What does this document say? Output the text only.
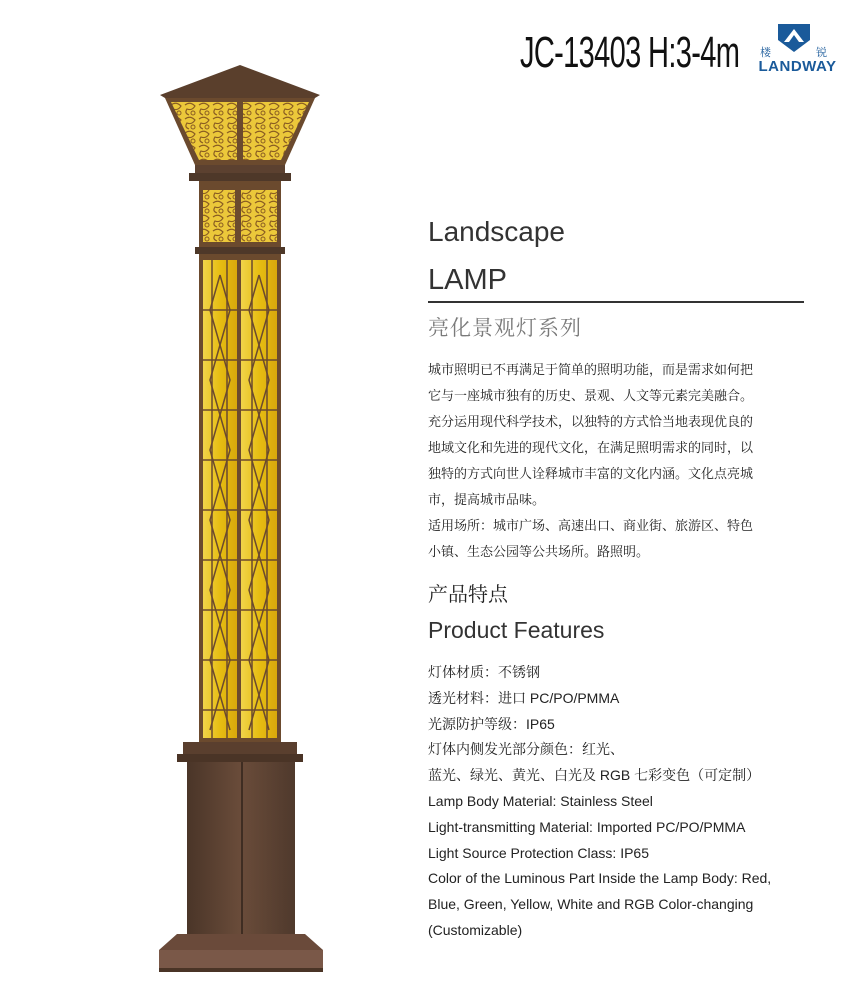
JC-13403 H:3-4m 楼	锐
LANDWAY
Landscape
LAMP
亮化景观灯系列

城市照明已不再满足于简单的照明功能，而是需求如何把

它与一座城市独有的历史、景观、人文等元素完美融合。

充分运用现代科学技术，以独特的方式恰当地表现优良的

地域文化和先进的现代文化，在满足照明需求的同时，以

独特的方式向世人诠释城市丰富的文化内涵。文化点亮城

市，提高城市品味。

适用场所：城市广场、高速出口、商业街、旅游区、特色

小镇、生态公园等公共场所。路照明。

产品特点
Product Features

灯体材质：不锈钢

透光材料：进口 PC/PO/PMMA

光源防护等级：IP65

灯体内侧发光部分颜色：红光、

蓝光、绿光、黄光、白光及 RGB 七彩变色（可定制）

Lamp Body Material: Stainless Steel

Light-transmitting Material: Imported PC/PO/PMMA

Light Source Protection Class: IP65

Color of the Luminous Part Inside the Lamp Body: Red,

Blue, Green, Yellow, White and RGB Color-changing

(Customizable)
